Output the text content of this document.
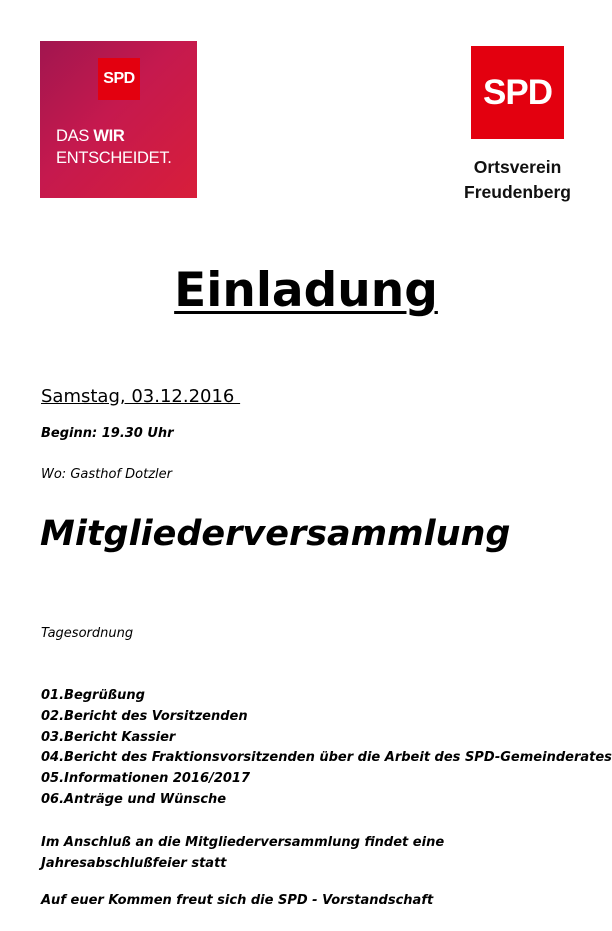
SPD
DAS WIR
ENTSCHEIDET.
SPD
Ortsverein
Freudenberg
Einladung
Samstag, 03.12.2016
Beginn: 19.30 Uhr
Wo: Gasthof Dotzler
Mitgliederversammlung
Tagesordnung
01.Begrüßung
02.Bericht des Vorsitzenden
03.Bericht Kassier
04.Bericht des Fraktionsvorsitzenden über die Arbeit des SPD-Gemeinderates
05.Informationen 2016/2017
06.Anträge und Wünsche
Im Anschluß an die Mitgliederversammlung findet eine Jahresabschlußfeier statt
Auf euer Kommen freut sich die SPD - Vorstandschaft
